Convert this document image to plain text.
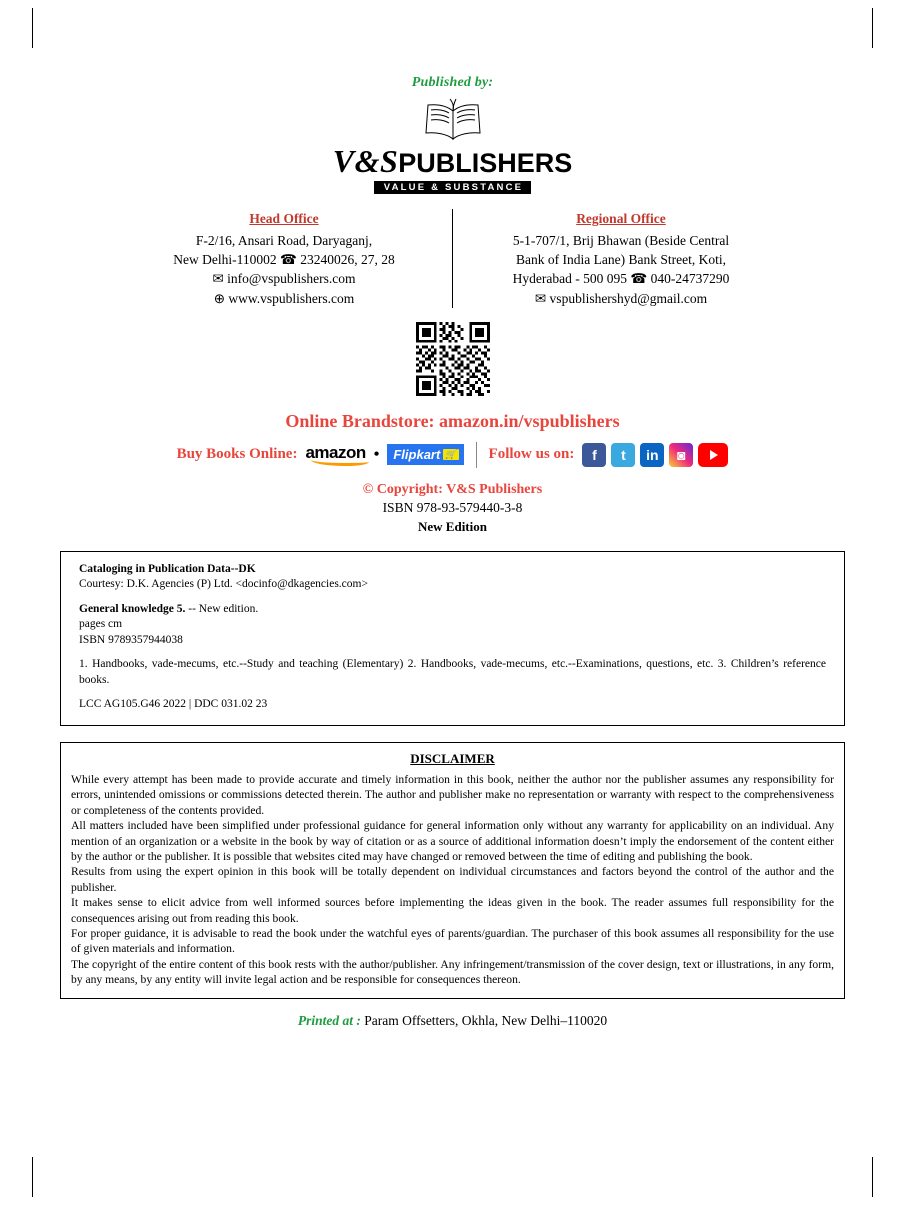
Published by:
V&SPUBLISHERS
VALUE & SUBSTANCE
Head Office
F-2/16, Ansari Road, Daryaganj,
New Delhi-110002 ☎ 23240026, 27, 28
✉ info@vspublishers.com
⊕ www.vspublishers.com
Regional Office
5-1-707/1, Brij Bhawan (Beside Central
Bank of India Lane) Bank Street, Koti,
Hyderabad - 500 095 ☎ 040-24737290
✉ vspublishershyd@gmail.com
Online Brandstore: amazon.in/vspublishers
Buy Books Online: amazon • Flipkart 🛒 Follow us on:	f	t	in	◙
© Copyright: V&S Publishers
ISBN 978-93-579440-3-8
New Edition
Cataloging in Publication Data--DK
Courtesy: D.K. Agencies (P) Ltd. <docinfo@dkagencies.com>
General knowledge 5. -- New edition.
pages cm
ISBN 9789357944038
1. Handbooks, vade-mecums, etc.--Study and teaching (Elementary) 2. Handbooks, vade-mecums, etc.--Examinations, questions, etc. 3. Children’s reference books.
LCC AG105.G46 2022 | DDC 031.02 23
DISCLAIMER

While every attempt has been made to provide accurate and timely information in this book, neither the author nor the publisher assumes any responsibility for errors, unintended omissions or commissions detected therein. The author and publisher make no representation or warranty with respect to the comprehensiveness or completeness of the contents provided.

All matters included have been simplified under professional guidance for general information only without any warranty for applicability on an individual. Any mention of an organization or a website in the book by way of citation or as a source of additional information doesn’t imply the endorsement of the content either by the author or the publisher. It is possible that websites cited may have changed or removed between the time of editing and publishing the book.

Results from using the expert opinion in this book will be totally dependent on individual circumstances and factors beyond the control of the author and the publisher.

It makes sense to elicit advice from well informed sources before implementing the ideas given in the book. The reader assumes full responsibility for the consequences arising out from reading this book.

For proper guidance, it is advisable to read the book under the watchful eyes of parents/guardian. The purchaser of this book assumes all responsibility for the use of given materials and information.

The copyright of the entire content of this book rests with the author/publisher. Any infringement/transmission of the cover design, text or illustrations, in any form, by any means, by any entity will invite legal action and be responsible for consequences thereon.

Printed at : Param Offsetters, Okhla, New Delhi–110020
